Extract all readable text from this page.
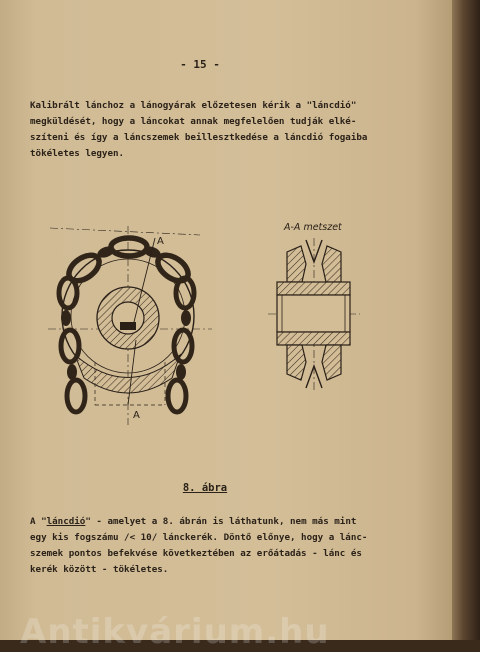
- 15 -
Kalibrált lánchoz a lánogyárak előzetesen kérik a "láncdió"
megküldését, hogy a láncokat annak megfelelően tudják elké-
szíteni és így a láncszemek beillesztkedése a láncdió fogaiba
tökéletes legyen.
A
A
A-A metszet
8. ábra
A "láncdió" - amelyet a 8. ábrán is láthatunk, nem más mint
egy kis fogszámu /< 10/ lánckerék. Döntő előnye, hogy a lánc-
szemek pontos befekvése következtében az erőátadás - lánc és
kerék között - tökéletes.
Antikvárium.hu
